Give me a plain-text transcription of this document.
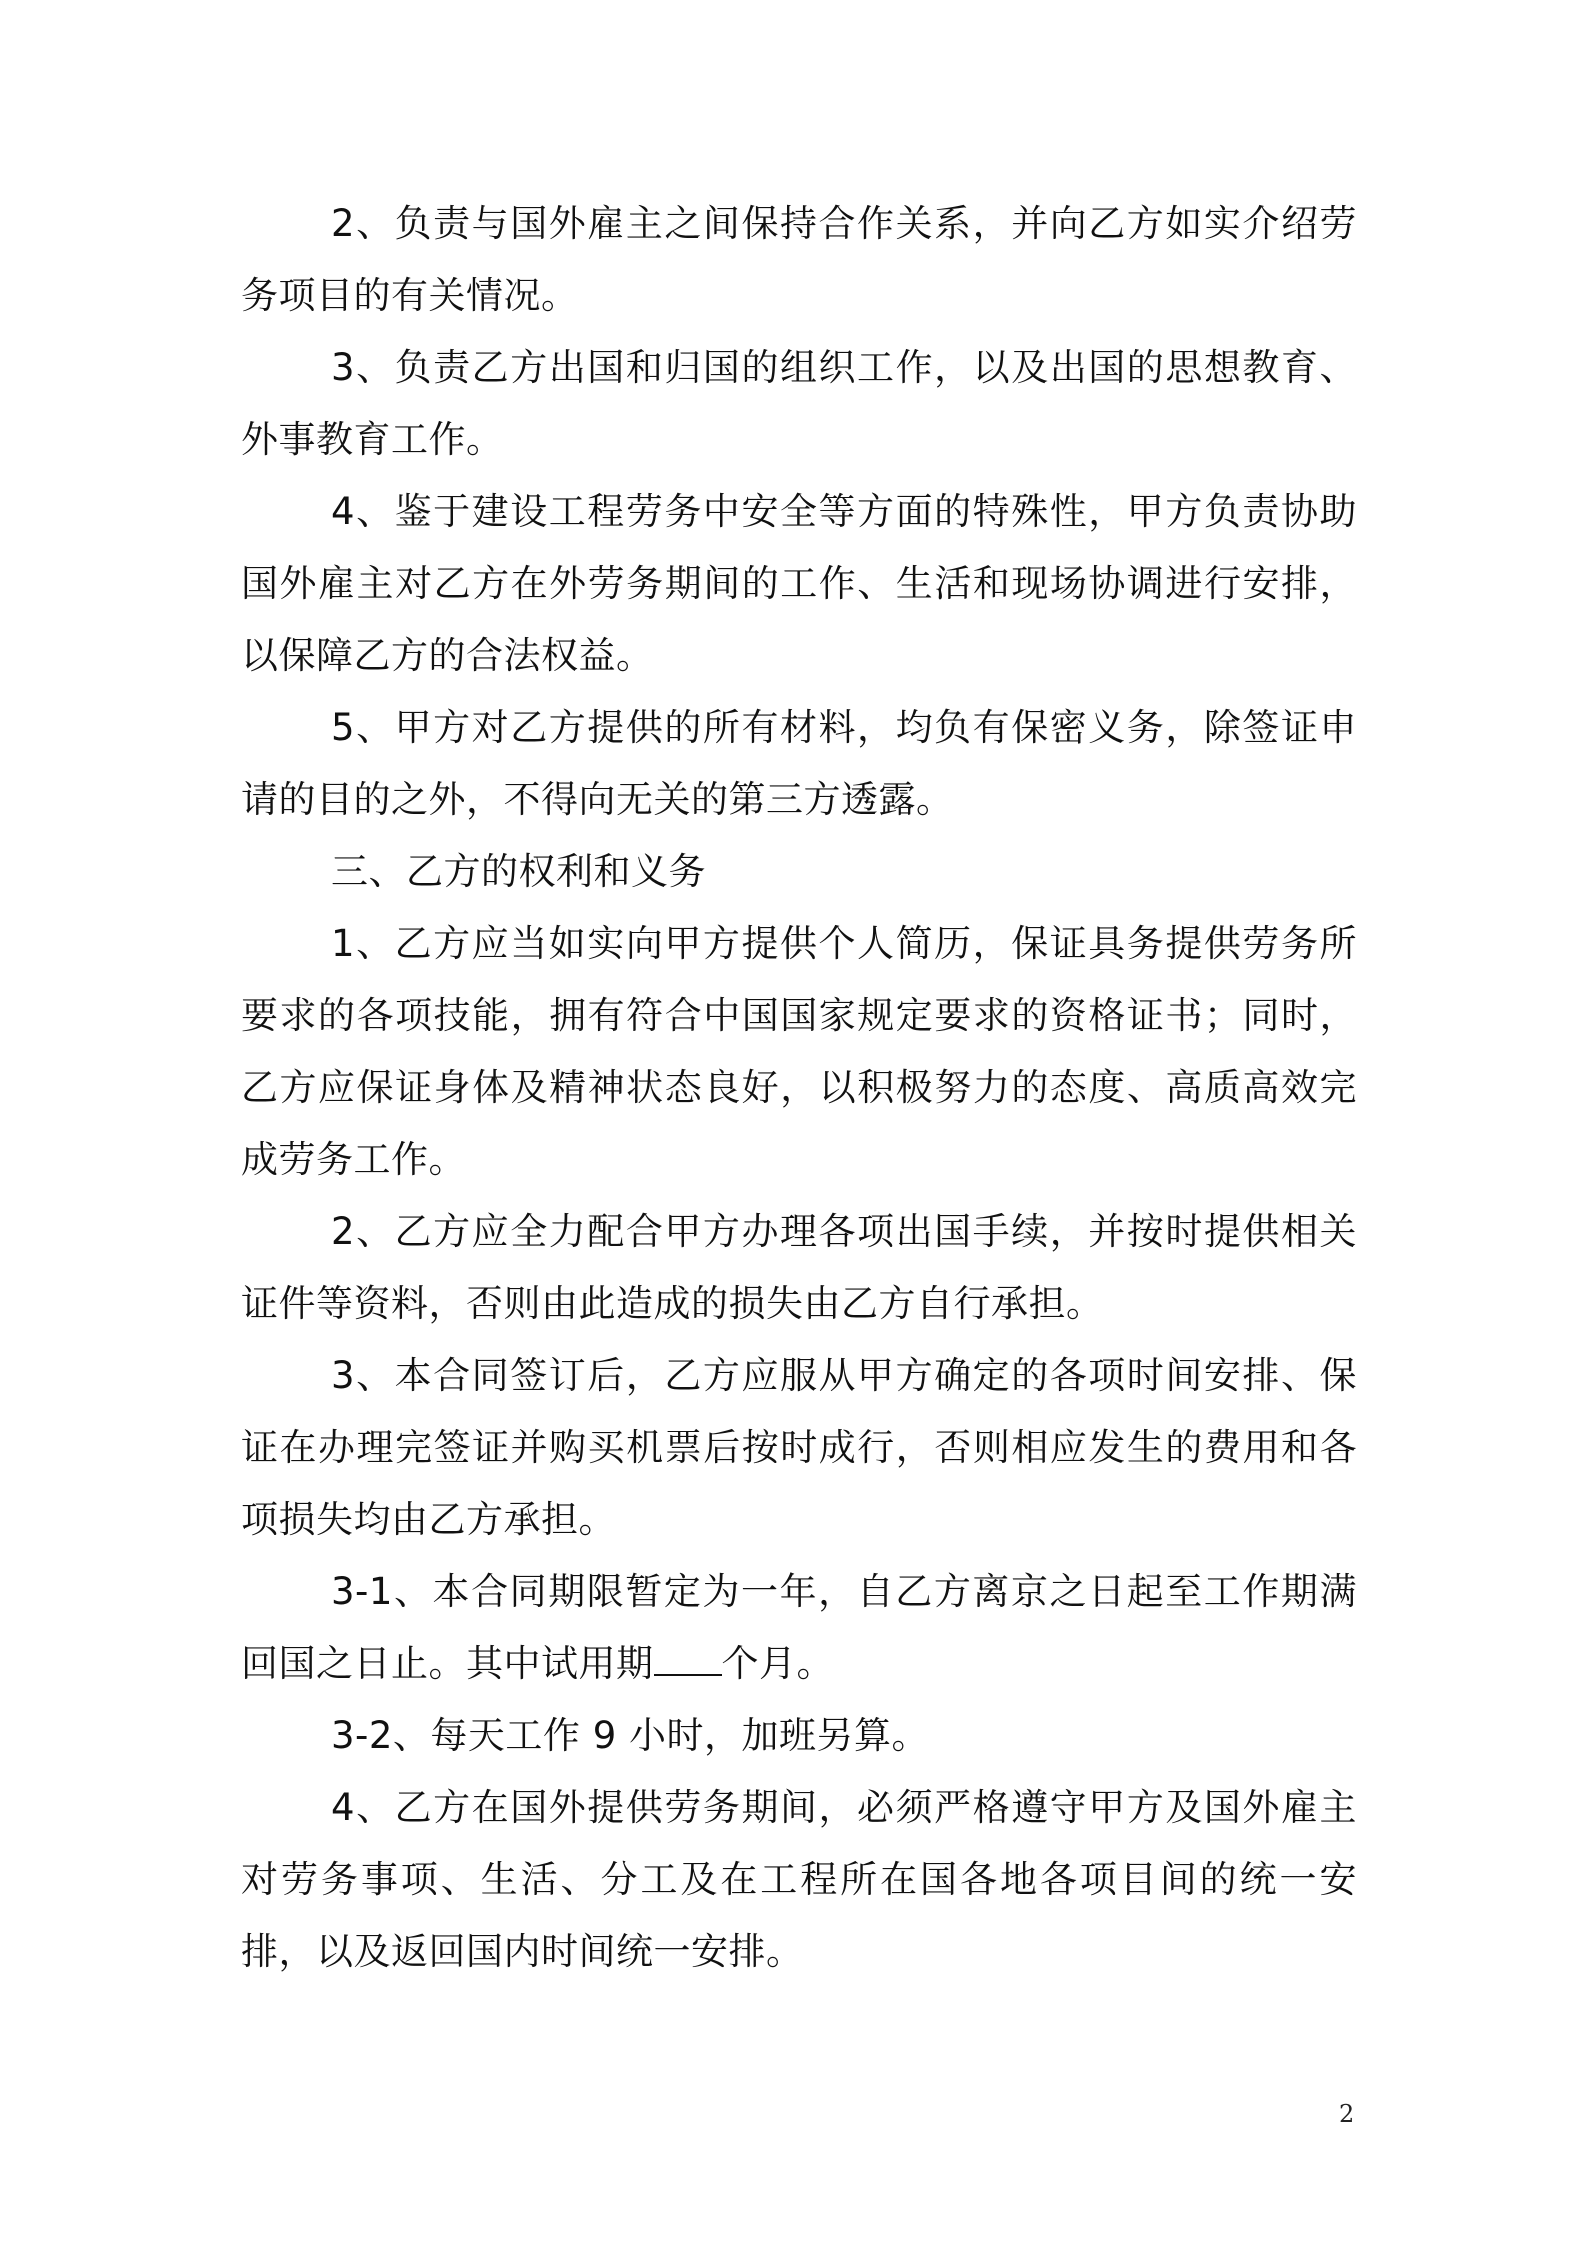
2、负责与国外雇主之间保持合作关系，并向乙方如实介绍劳务项目的有关情况。

3、负责乙方出国和归国的组织工作，以及出国的思想教育、外事教育工作。

4、鉴于建设工程劳务中安全等方面的特殊性，甲方负责协助国外雇主对乙方在外劳务期间的工作、生活和现场协调进行安排，以保障乙方的合法权益。

5、甲方对乙方提供的所有材料，均负有保密义务，除签证申请的目的之外，不得向无关的第三方透露。

三、乙方的权利和义务

1、乙方应当如实向甲方提供个人简历，保证具务提供劳务所要求的各项技能，拥有符合中国国家规定要求的资格证书；同时，乙方应保证身体及精神状态良好，以积极努力的态度、高质高效完成劳务工作。

2、乙方应全力配合甲方办理各项出国手续，并按时提供相关证件等资料，否则由此造成的损失由乙方自行承担。

3、本合同签订后，乙方应服从甲方确定的各项时间安排、保证在办理完签证并购买机票后按时成行，否则相应发生的费用和各项损失均由乙方承担。

3-1、本合同期限暂定为一年，自乙方离京之日起至工作期满回国之日止。其中试用期 个月。

3-2、每天工作 9 小时，加班另算。

4、乙方在国外提供劳务期间，必须严格遵守甲方及国外雇主对劳务事项、生活、分工及在工程所在国各地各项目间的统一安排，以及返回国内时间统一安排。

2
